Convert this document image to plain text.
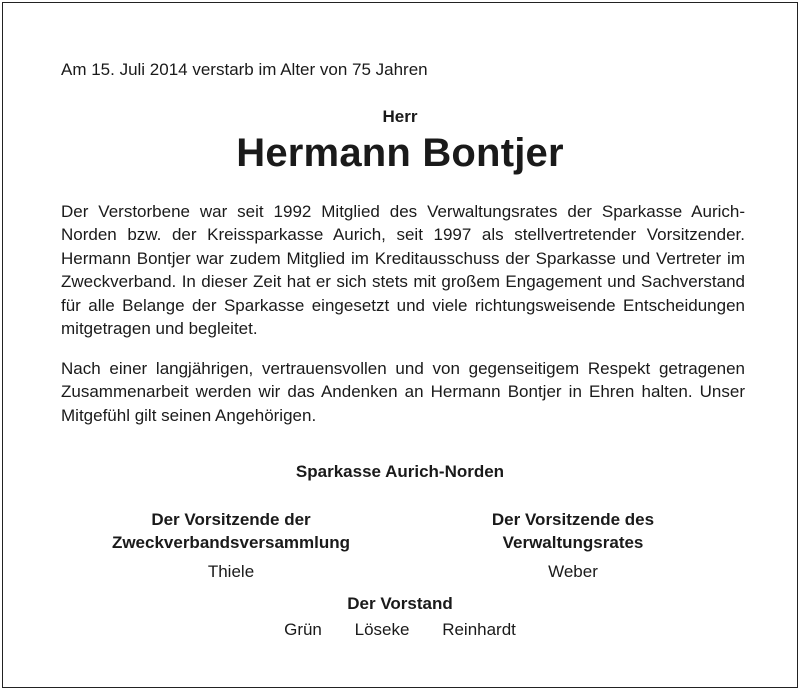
Am 15. Juli 2014 verstarb im Alter von 75 Jahren
Herr
Hermann Bontjer
Der Verstorbene war seit 1992 Mitglied des Verwaltungsrates der Sparkasse Aurich-Norden bzw. der Kreissparkasse Aurich, seit 1997 als stellvertretender Vorsitzender. Hermann Bontjer war zudem Mitglied im Kreditausschuss der Sparkasse und Vertreter im Zweckverband. In dieser Zeit hat er sich stets mit großem Engagement und Sachverstand für alle Belange der Sparkasse eingesetzt und viele richtungsweisende Entscheidungen mitgetragen und begleitet.
Nach einer langjährigen, vertrauensvollen und von gegenseitigem Respekt getragenen Zusammenarbeit werden wir das Andenken an Hermann Bontjer in Ehren halten. Unser Mitgefühl gilt seinen Angehörigen.
Sparkasse Aurich-Norden
Der Vorsitzende der
Zweckverbandsversammlung
Thiele
Der Vorsitzende des
Verwaltungsrates
Weber
Der Vorstand
Grün Löseke Reinhardt
